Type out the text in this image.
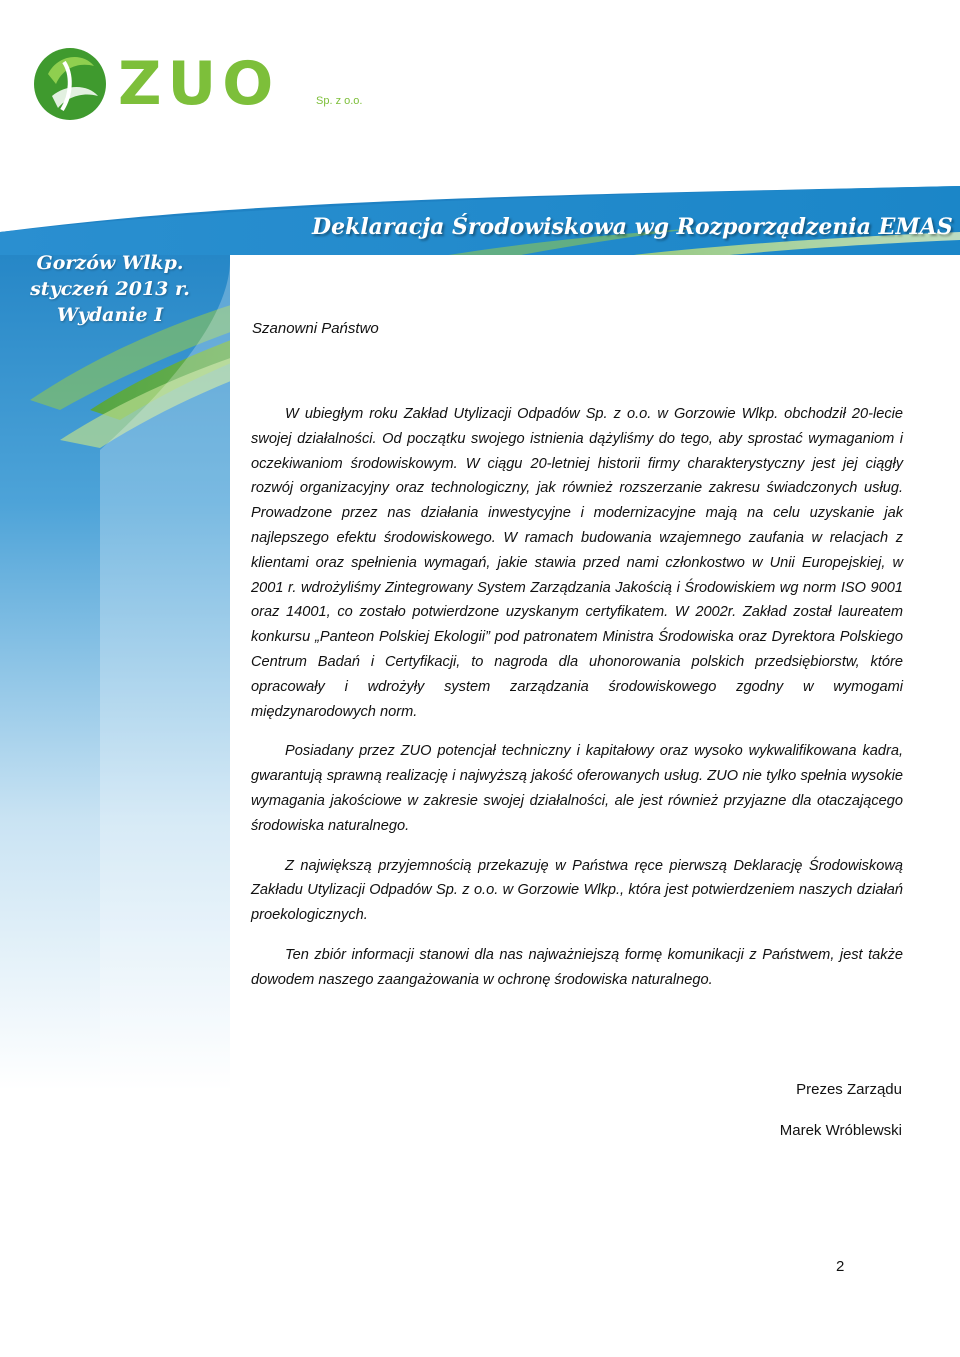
ZUO	Sp. z o.o.
Deklaracja Środowiskowa wg Rozporządzenia EMAS
Gorzów Wlkp.
styczeń 2013 r.
Wydanie I
Szanowni Państwo

W ubiegłym roku Zakład Utylizacji Odpadów Sp. z o.o. w Gorzowie Wlkp. obchodził 20-lecie swojej działalności. Od początku swojego istnienia dążyliśmy do tego, aby sprostać wymaganiom i oczekiwaniom środowiskowym. W ciągu 20-letniej historii firmy charakterystyczny jest jej ciągły rozwój organizacyjny oraz technologiczny, jak również rozszerzanie zakresu świadczonych usług. Prowadzone przez nas działania inwestycyjne i modernizacyjne mają na celu uzyskanie jak najlepszego efektu środowiskowego. W ramach budowania wzajemnego zaufania w relacjach z klientami oraz spełnienia wymagań, jakie stawia przed nami członkostwo w Unii Europejskiej, w 2001 r. wdrożyliśmy Zintegrowany System Zarządzania Jakością i Środowiskiem wg norm ISO 9001 oraz 14001, co zostało potwierdzone uzyskanym certyfikatem. W 2002r. Zakład został laureatem konkursu „Panteon Polskiej Ekologii” pod patronatem Ministra Środowiska oraz Dyrektora Polskiego Centrum Badań i Certyfikacji, to nagroda dla uhonorowania polskich przedsiębiorstw, które opracowały i wdrożyły system zarządzania środowiskowego zgodny w wymogami międzynarodowych norm.

Posiadany przez ZUO potencjał techniczny i kapitałowy oraz wysoko wykwalifikowana kadra, gwarantują sprawną realizację i najwyższą jakość oferowanych usług. ZUO nie tylko spełnia wysokie wymagania jakościowe w zakresie swojej działalności, ale jest również przyjazne dla otaczającego środowiska naturalnego.

Z największą przyjemnością przekazuję w Państwa ręce pierwszą Deklarację Środowiskową Zakładu Utylizacji Odpadów Sp. z o.o. w Gorzowie Wlkp., która jest potwierdzeniem naszych działań proekologicznych.

Ten zbiór informacji stanowi dla nas najważniejszą formę komunikacji z Państwem, jest także dowodem naszego zaangażowania w ochronę środowiska naturalnego.

Prezes Zarządu
Marek Wróblewski
2
